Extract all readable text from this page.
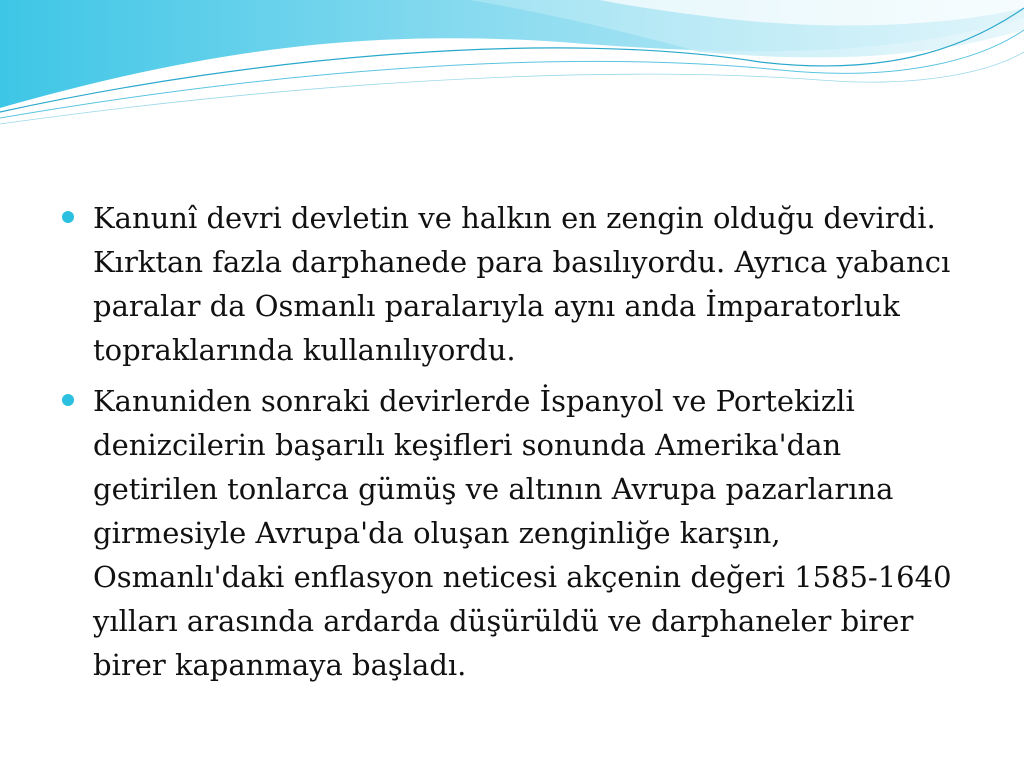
Kanunî devri devletin ve halkın en zengin olduğu devirdi. Kırktan fazla darphanede para basılıyordu. Ayrıca yabancı paralar da Osmanlı paralarıyla aynı anda İmparatorluk topraklarında kullanılıyordu.
Kanuniden sonraki devirlerde İspanyol ve Portekizli denizcilerin başarılı keşifleri sonunda Amerika'dan getirilen tonlarca gümüş ve altının Avrupa pazarlarına girmesiyle Avrupa'da oluşan zenginliğe karşın, Osmanlı'daki enflasyon neticesi akçenin değeri 1585-1640 yılları arasında ardarda düşürüldü ve darphaneler birer birer kapanmaya başladı.
